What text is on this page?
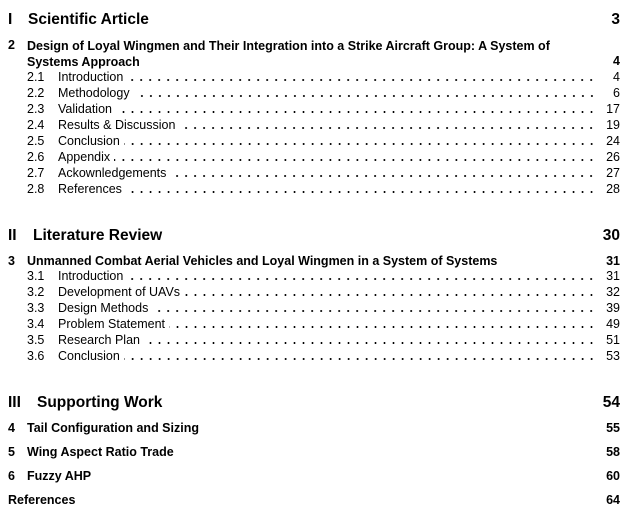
I	Scientific Article	3
2 Design of Loyal Wingmen and Their Integration into a Strike Aircraft Group: A System of Systems Approach	4
2.1	Introduction	4
2.2	Methodology	6
2.3	Validation	17
2.4	Results & Discussion	19
2.5	Conclusion	24
2.6	Appendix	26
2.7	Ackownledgements	27
2.8	References	28
II	Literature Review	30
3 Unmanned Combat Aerial Vehicles and Loyal Wingmen in a System of Systems	31
3.1	Introduction	31
3.2	Development of UAVs	32
3.3	Design Methods	39
3.4	Problem Statement	49
3.5	Research Plan	51
3.6	Conclusion	53
III	Supporting Work	54
4 Tail Configuration and Sizing	55
5 Wing Aspect Ratio Trade	58
6 Fuzzy AHP	60
References	64
